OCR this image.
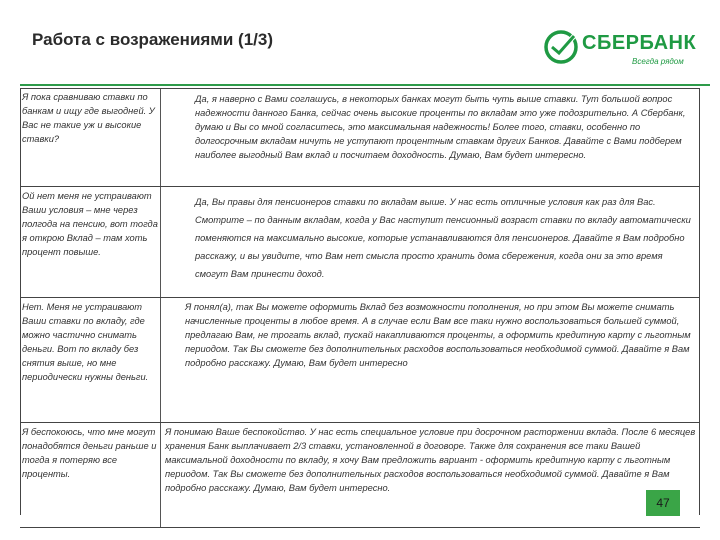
Работа с возражениями (1/3)	СБЕРБАНК
Всегда рядом
Я пока сравниваю ставки по банкам и ищу где выгодней. У Вас не такие уж и высокие ставки?	Да, я наверно с Вами соглашусь, в некоторых банках могут быть чуть выше ставки. Тут большой вопрос надежности данного Банка, сейчас очень высокие проценты по вкладам это уже подозрительно. А Сбербанк, думаю и Вы со мной согласитесь, это максимальная надежность! Более того, ставки, особенно по долгосрочным вкладам ничуть не уступают процентным ставкам других Банков. Давайте с Вами подберем наиболее выгодный Вам вклад и посчитаем доходность. Думаю, Вам будет интересно.
Ой нет меня не устраивают Ваши условия – мне через полгода на пенсию, вот тогда я открою Вклад – там хоть процент повыше.	Да, Вы правы для пенсионеров ставки по вкладам выше. У нас есть отличные условия как раз для Вас. Смотрите – по данным вкладам, когда у Вас наступит пенсионный возраст ставки по вкладу автоматически поменяются на максимально высокие, которые устанавливаются для пенсионеров. Давайте я Вам подробно расскажу, и вы увидите, что Вам нет смысла просто хранить дома сбережения, когда они за это время смогут Вам принести доход.
Нет. Меня не устраивают Ваши ставки по вкладу, где можно частично снимать деньги. Вот по вкладу без снятия выше, но мне периодически нужны деньги.	Я понял(а), так Вы можете оформить Вклад без возможности пополнения, но при этом Вы можете снимать начисленные проценты в любое время. А в случае если Вам все таки нужно воспользоваться большей суммой, предлагаю Вам, не трогать вклад, пускай накапливаются проценты, а оформить кредитную карту с льготным периодом. Так Вы сможете без дополнительных расходов воспользоваться необходимой суммой. Давайте я Вам подробно расскажу. Думаю, Вам будет интересно
Я беспокоюсь, что мне могут понадобятся деньги раньше и тогда я потеряю все проценты.	Я понимаю Ваше беспокойство. У нас есть специальное условие при досрочном расторжении вклада. После 6 месяцев хранения Банк выплачивает 2/3 ставки, установленной в договоре. Также для сохранения все таки Вашей максимальной доходности по вкладу, я хочу Вам предложить вариант - оформить кредитную карту с льготным периодом. Так Вы сможете без дополнительных расходов воспользоваться необходимой суммой. Давайте я Вам подробно расскажу. Думаю, Вам будет интересно.
47
